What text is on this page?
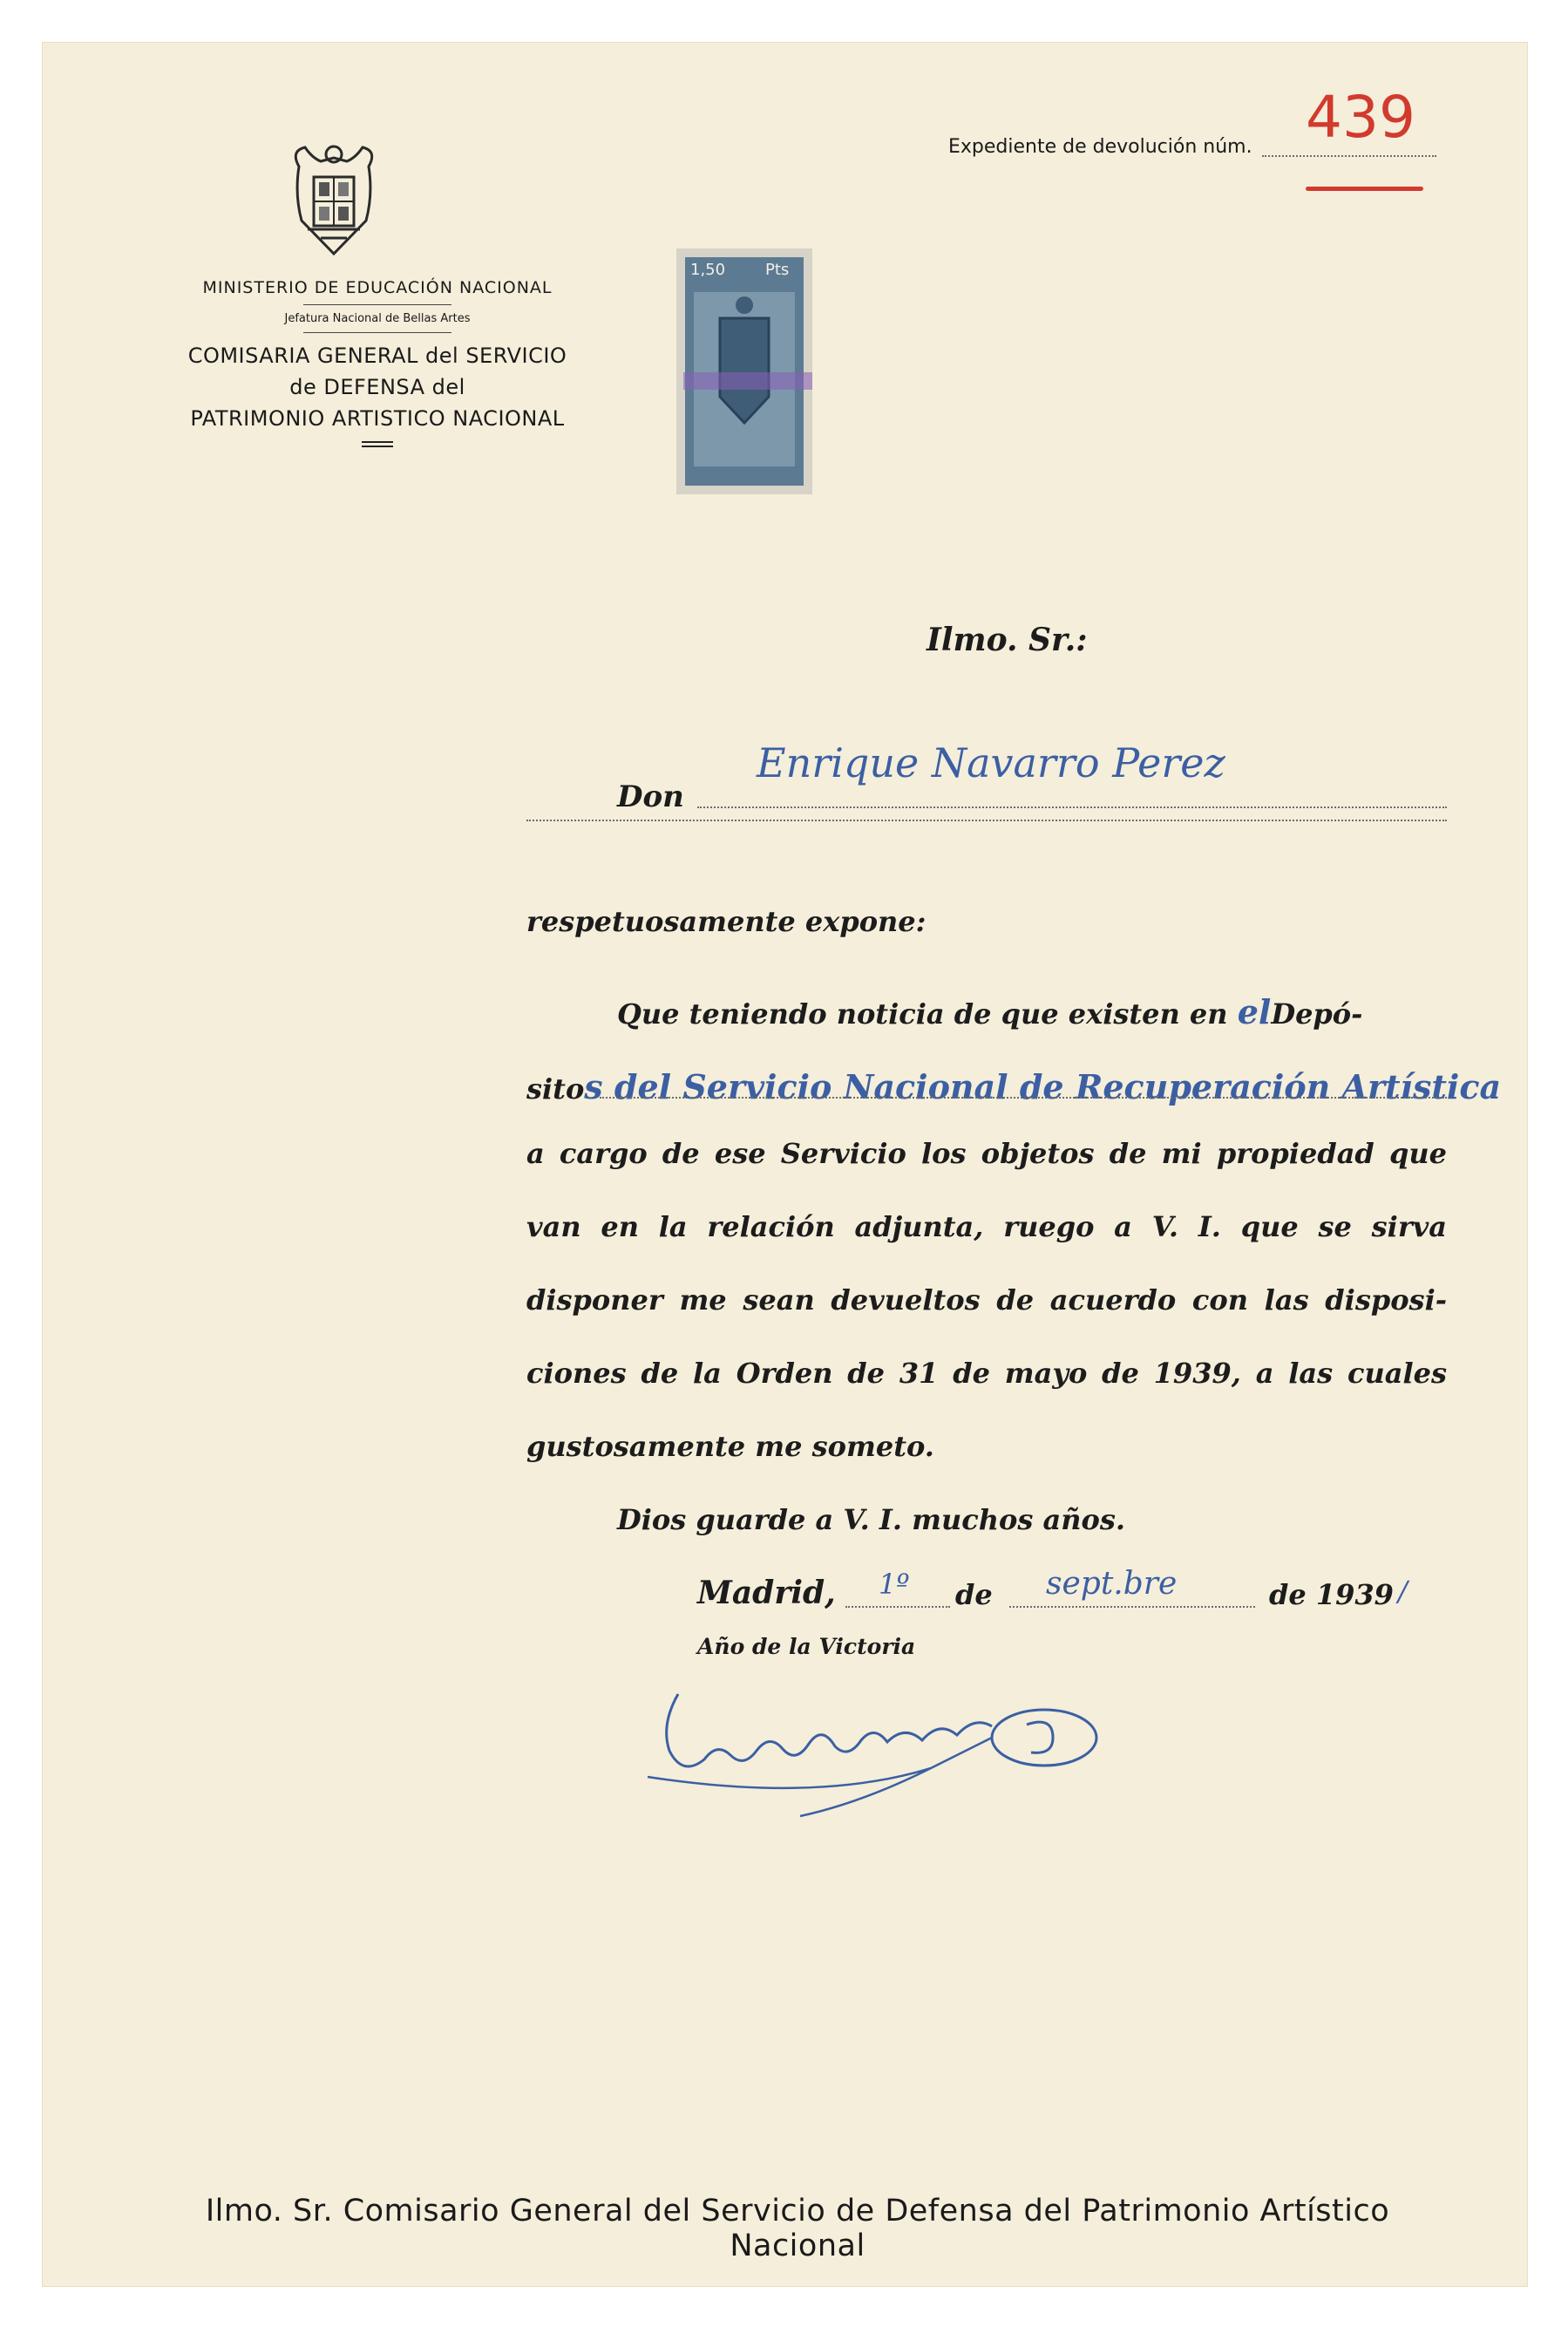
MINISTERIO DE EDUCACIÓN NACIONAL
Jefatura Nacional de Bellas Artes
COMISARIA GENERAL del SERVICIO
de DEFENSA del
PATRIMONIO ARTISTICO NACIONAL
Expediente de devolución núm. 439
1,50	Pts
Ilmo. Sr.:
Don
Enrique Navarro Perez
respetuosamente expone:
Que teniendo noticia de que existen en elDepó-
sitos del Servicio Nacional de Recuperación Artística
a cargo de ese Servicio los objetos de mi propiedad que
van en la relación adjunta, ruego a V. I. que se sirva
disponer me sean devueltos de acuerdo con las disposi-
ciones de la Orden de 31 de mayo de 1939, a las cuales
gustosamente me someto.
Dios guarde a V. I. muchos años.
Madrid, 1º de sept.bre	de 1939 /
Año de la Victoria
Ilmo. Sr. Comisario General del Servicio de Defensa del Patrimonio Artístico Nacional
